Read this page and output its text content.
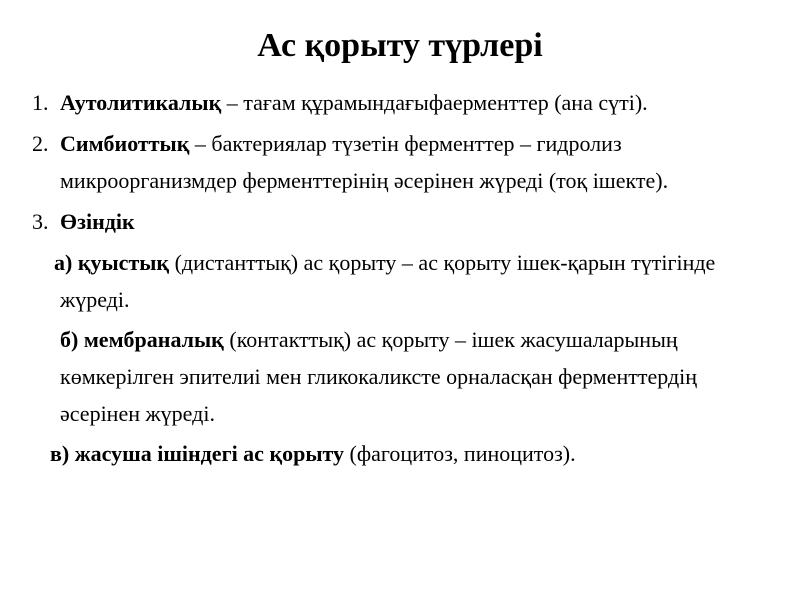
Ас қорыту түрлері
1. Аутолитикалық – тағам құрамындағыфаерменттер (ана сүті).
2. Симбиоттық – бактериялар түзетін ферменттер – гидролиз микроорганизмдер ферменттерінің әсерінен жүреді (тоқ ішекте).
3. Өзіндік
а) қуыстық (дистанттық) ас қорыту – ас қорыту ішек-қарын түтігінде жүреді.
б) мембраналық (контакттық) ас қорыту – ішек жасушаларының көмкерілген эпителиі мен гликокаликсте орналасқан ферменттердің әсерінен жүреді.
в) жасуша ішіндегі ас қорыту (фагоцитоз, пиноцитоз).
